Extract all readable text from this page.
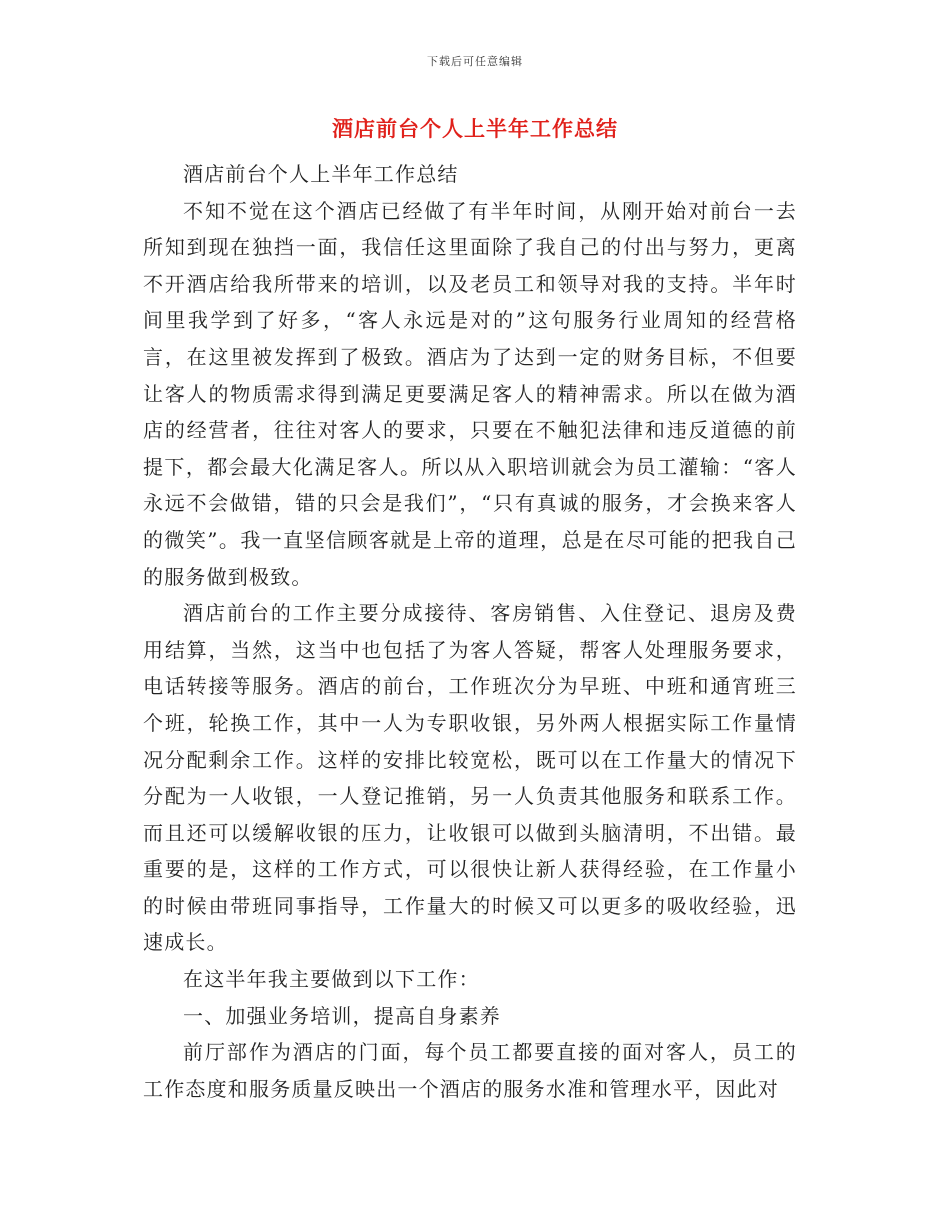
下载后可任意编辑
酒店前台个人上半年工作总结

酒店前台个人上半年工作总结

不知不觉在这个酒店已经做了有半年时间，从刚开始对前台一去所知到现在独挡一面，我信任这里面除了我自己的付出与努力，更离不开酒店给我所带来的培训，以及老员工和领导对我的支持。半年时间里我学到了好多，“客人永远是对的”这句服务行业周知的经营格言，在这里被发挥到了极致。酒店为了达到一定的财务目标，不但要让客人的物质需求得到满足更要满足客人的精神需求。所以在做为酒店的经营者，往往对客人的要求，只要在不触犯法律和违反道德的前提下，都会最大化满足客人。所以从入职培训就会为员工灌输：“客人永远不会做错，错的只会是我们”，“只有真诚的服务，才会换来客人的微笑”。我一直坚信顾客就是上帝的道理，总是在尽可能的把我自己的服务做到极致。

酒店前台的工作主要分成接待、客房销售、入住登记、退房及费用结算，当然，这当中也包括了为客人答疑，帮客人处理服务要求，电话转接等服务。酒店的前台，工作班次分为早班、中班和通宵班三个班，轮换工作，其中一人为专职收银，另外两人根据实际工作量情况分配剩余工作。这样的安排比较宽松，既可以在工作量大的情况下分配为一人收银，一人登记推销，另一人负责其他服务和联系工作。而且还可以缓解收银的压力，让收银可以做到头脑清明，不出错。最重要的是，这样的工作方式，可以很快让新人获得经验，在工作量小的时候由带班同事指导，工作量大的时候又可以更多的吸收经验，迅速成长。

在这半年我主要做到以下工作：

一、加强业务培训，提高自身素养

前厅部作为酒店的门面，每个员工都要直接的面对客人，员工的工作态度和服务质量反映出一个酒店的服务水准和管理水平，因此对
